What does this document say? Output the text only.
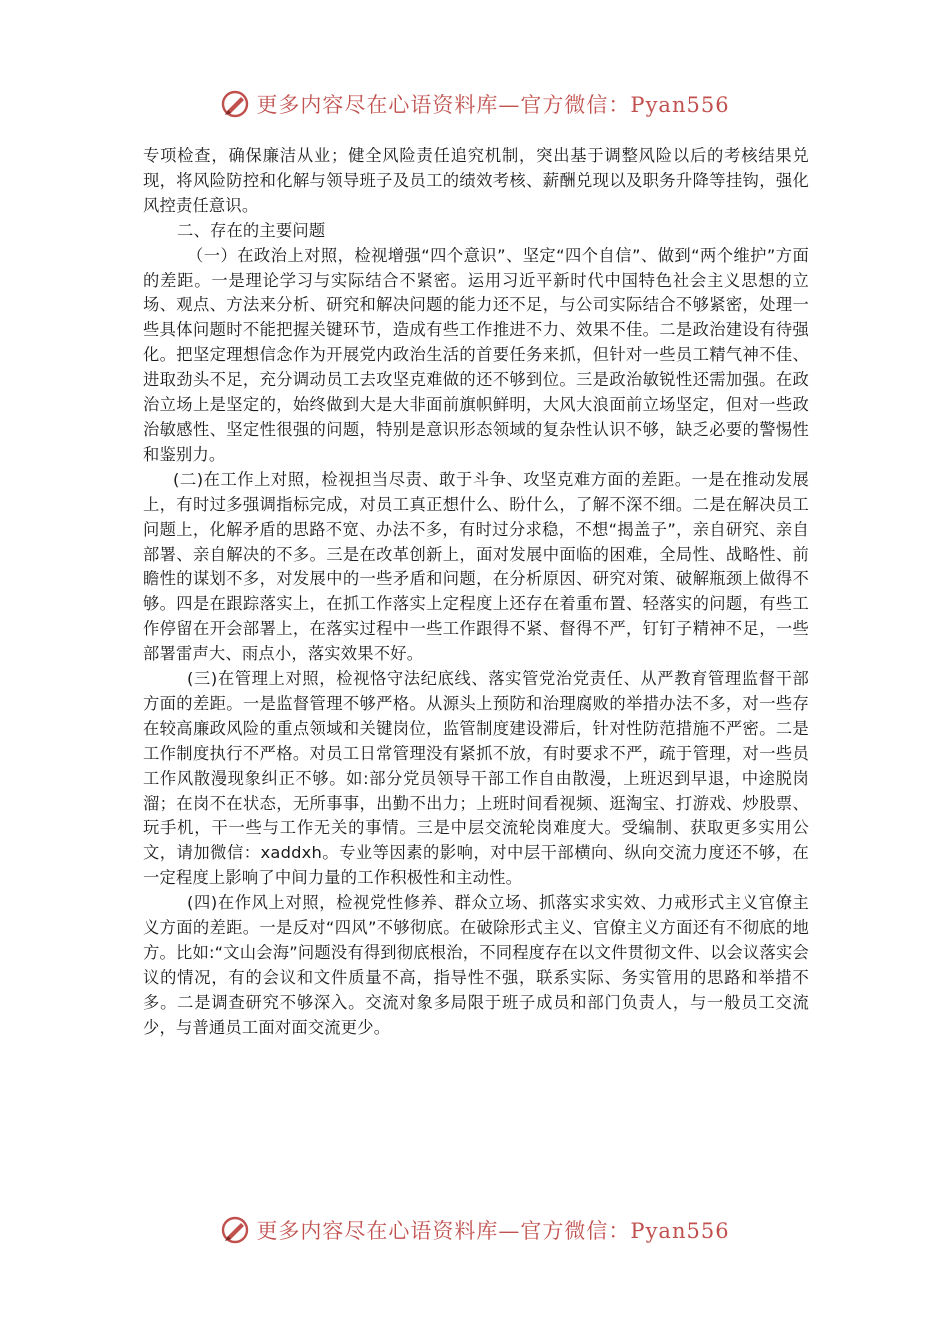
更多内容尽在心语资料库—官方微信：Pyan556

专项检查，确保廉洁从业；健全风险责任追究机制，突出基于调整风险以后的考核结果兑现，将风险防控和化解与领导班子及员工的绩效考核、薪酬兑现以及职务升降等挂钩，强化风控责任意识。

二、存在的主要问题

（一）在政治上对照，检视增强“四个意识”、坚定“四个自信”、做到“两个维护”方面的差距。一是理论学习与实际结合不紧密。运用习近平新时代中国特色社会主义思想的立场、观点、方法来分析、研究和解决问题的能力还不足，与公司实际结合不够紧密，处理一些具体问题时不能把握关键环节，造成有些工作推进不力、效果不佳。二是政治建设有待强化。把坚定理想信念作为开展党内政治生活的首要任务来抓，但针对一些员工精气神不佳、进取劲头不足，充分调动员工去攻坚克难做的还不够到位。三是政治敏锐性还需加强。在政治立场上是坚定的，始终做到大是大非面前旗帜鲜明，大风大浪面前立场坚定，但对一些政治敏感性、坚定性很强的问题，特别是意识形态领域的复杂性认识不够，缺乏必要的警惕性和鉴别力。

(二)在工作上对照，检视担当尽责、敢于斗争、攻坚克难方面的差距。一是在推动发展上，有时过多强调指标完成，对员工真正想什么、盼什么，了解不深不细。二是在解决员工问题上，化解矛盾的思路不宽、办法不多，有时过分求稳，不想“揭盖子”，亲自研究、亲自部署、亲自解决的不多。三是在改革创新上，面对发展中面临的困难，全局性、战略性、前瞻性的谋划不多，对发展中的一些矛盾和问题，在分析原因、研究对策、破解瓶颈上做得不够。四是在跟踪落实上，在抓工作落实上定程度上还存在着重布置、轻落实的问题，有些工作停留在开会部署上，在落实过程中一些工作跟得不紧、督得不严，钉钉子精神不足，一些部署雷声大、雨点小，落实效果不好。

(三)在管理上对照，检视恪守法纪底线、落实管党治党责任、从严教育管理监督干部方面的差距。一是监督管理不够严格。从源头上预防和治理腐败的举措办法不多，对一些存在较高廉政风险的重点领域和关键岗位，监管制度建设滞后，针对性防范措施不严密。二是工作制度执行不严格。对员工日常管理没有紧抓不放，有时要求不严，疏于管理，对一些员工作风散漫现象纠正不够。如:部分党员领导干部工作自由散漫，上班迟到早退，中途脱岗溜；在岗不在状态，无所事事，出勤不出力；上班时间看视频、逛淘宝、打游戏、炒股票、玩手机，干一些与工作无关的事情。三是中层交流轮岗难度大。受编制、获取更多实用公文，请加微信：xaddxh。专业等因素的影响，对中层干部横向、纵向交流力度还不够，在一定程度上影响了中间力量的工作积极性和主动性。

(四)在作风上对照，检视党性修养、群众立场、抓落实求实效、力戒形式主义官僚主义方面的差距。一是反对“四风”不够彻底。在破除形式主义、官僚主义方面还有不彻底的地方。比如:“文山会海”问题没有得到彻底根治，不同程度存在以文件贯彻文件、以会议落实会议的情况，有的会议和文件质量不高，指导性不强，联系实际、务实管用的思路和举措不多。二是调查研究不够深入。交流对象多局限于班子成员和部门负责人，与一般员工交流少，与普通员工面对面交流更少。

更多内容尽在心语资料库—官方微信：Pyan556
